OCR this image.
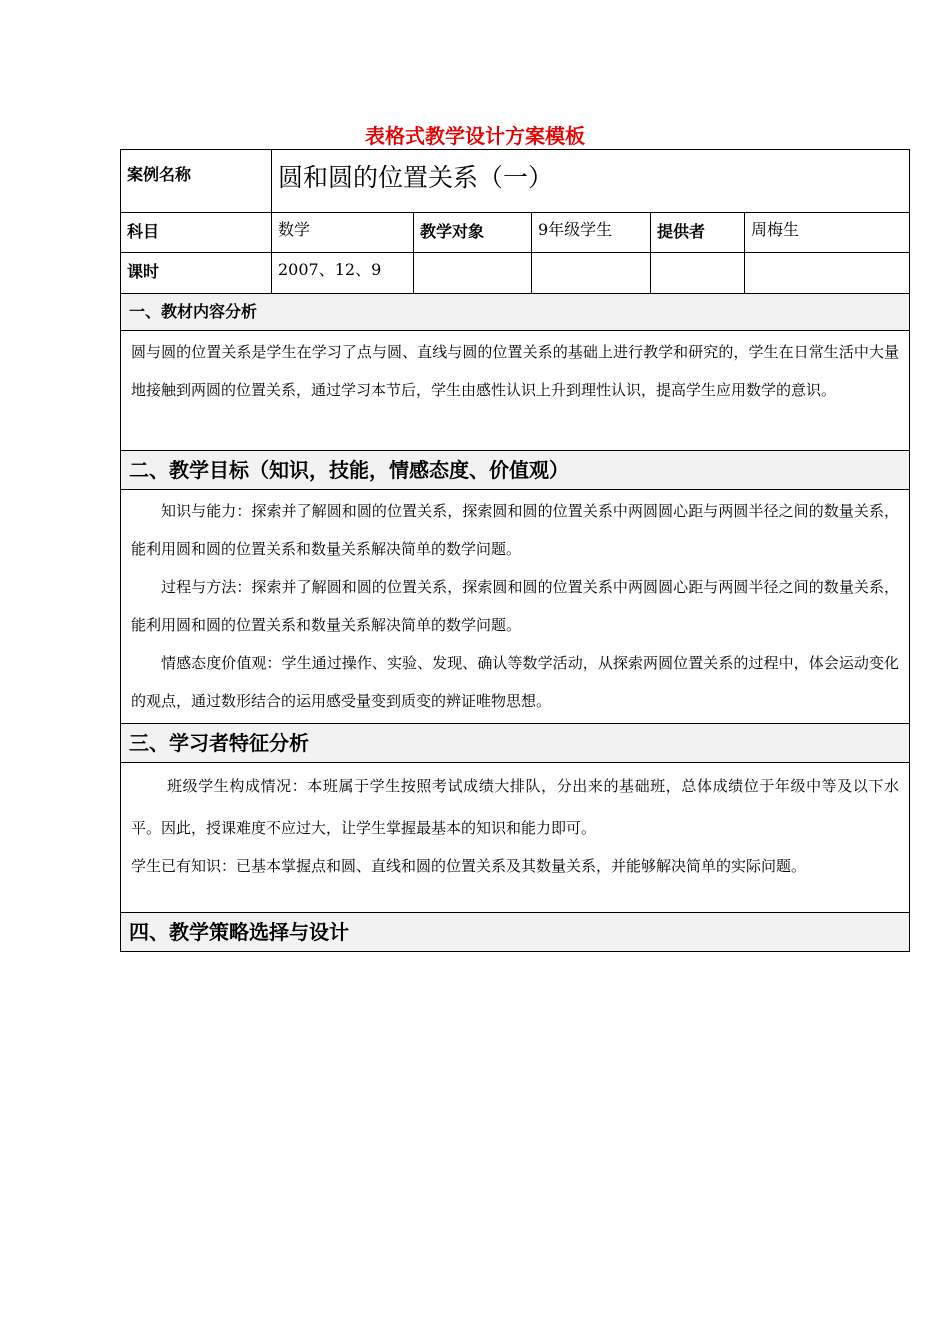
表格式教学设计方案模板
案例名称	圆和圆的位置关系（一）				
科目	数学	教学对象	9年级学生	提供者	周梅生
课时	2007、12、9				
一、教材内容分析					

圆与圆的位置关系是学生在学习了点与圆、直线与圆的位置关系的基础上进行教学和研究的，学生在日常生活中大量地接触到两圆的位置关系，通过学习本节后，学生由感性认识上升到理性认识，提高学生应用数学的意识。					

二、教学目标（知识，技能，情感态度、价值观）					

知识与能力：探索并了解圆和圆的位置关系，探索圆和圆的位置关系中两圆圆心距与两圆半径之间的数量关系，能利用圆和圆的位置关系和数量关系解决简单的数学问题。

过程与方法：探索并了解圆和圆的位置关系，探索圆和圆的位置关系中两圆圆心距与两圆半径之间的数量关系，能利用圆和圆的位置关系和数量关系解决简单的数学问题。

情感态度价值观：学生通过操作、实验、发现、确认等数学活动，从探索两圆位置关系的过程中，体会运动变化的观点，通过数形结合的运用感受量变到质变的辨证唯物思想。					

三、学习者特征分析					

班级学生构成情况：本班属于学生按照考试成绩大排队，分出来的基础班，总体成绩位于年级中等及以下水平。因此，授课难度不应过大，让学生掌握最基本的知识和能力即可。

学生已有知识：已基本掌握点和圆、直线和圆的位置关系及其数量关系，并能够解决简单的实际问题。					

四、教学策略选择与设计					
